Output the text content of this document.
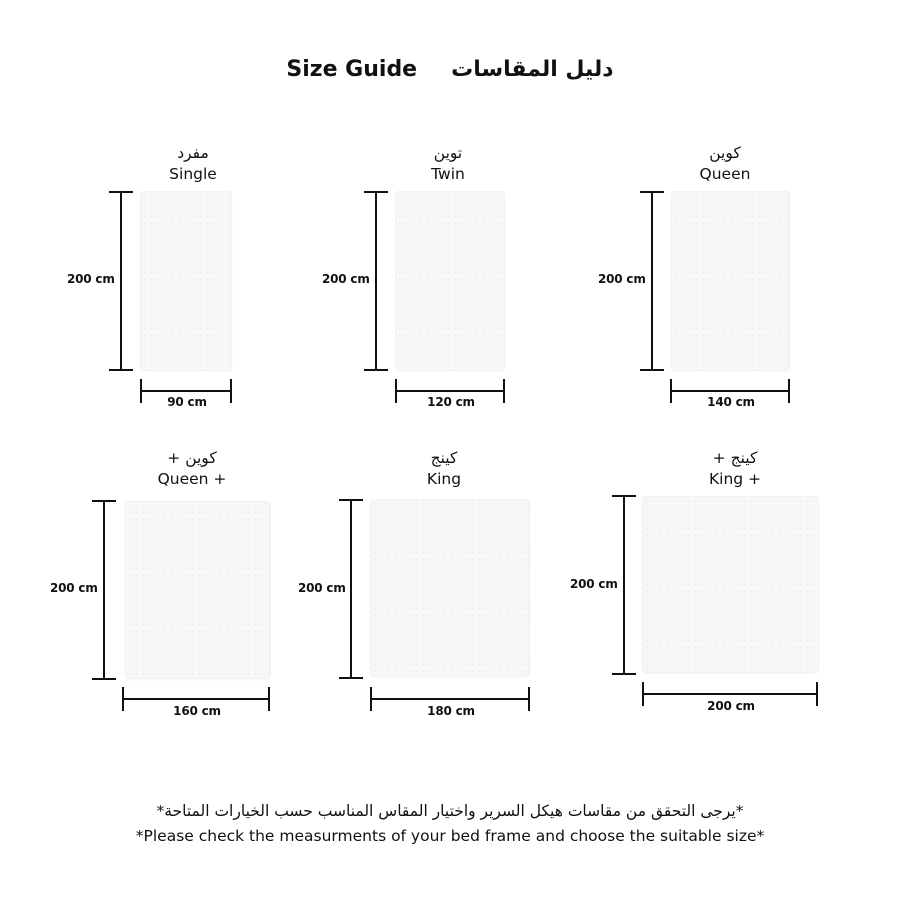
Size Guide دليل المقاسات
مفرد
Single
200 cm
90 cm
توين
Twin
200 cm
120 cm
كوين
Queen
200 cm
140 cm
كوين +
Queen +
200 cm
160 cm
كينج
King
200 cm
180 cm
كينج +
King +
200 cm
200 cm
*يرجى التحقق من مقاسات هيكل السرير واختيار المقاس المناسب حسب الخيارات المتاحة*
*Please check the measurments of your bed frame and choose the suitable size*
